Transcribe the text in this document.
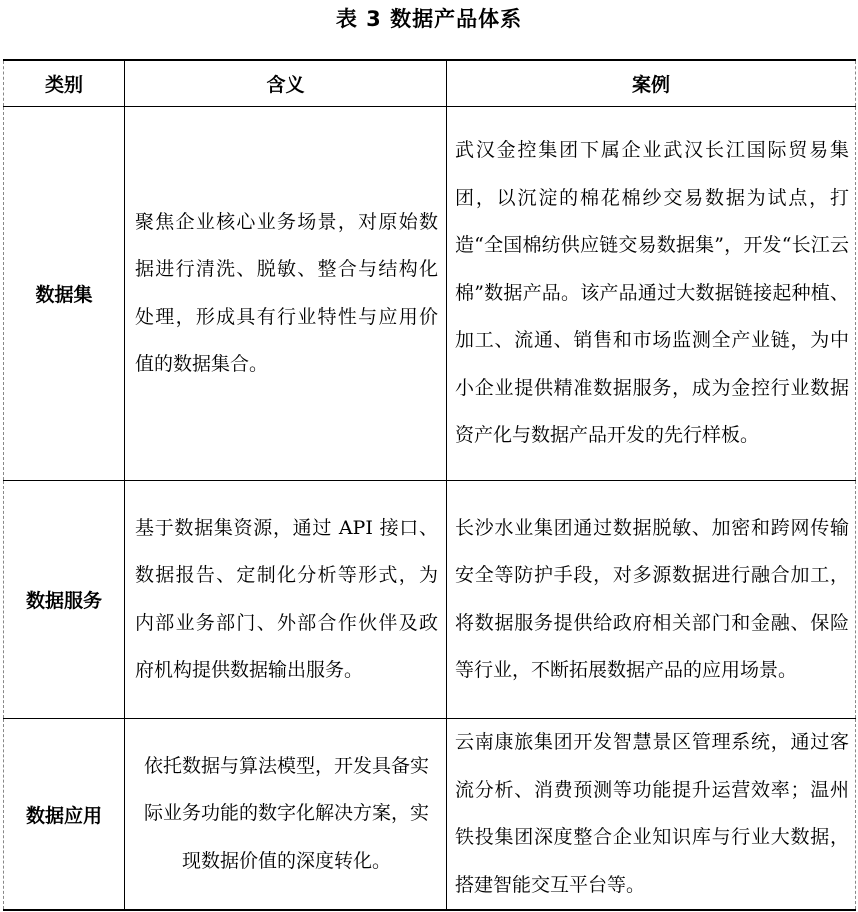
表 3 数据产品体系
类别	含义	案例
数据集	聚焦企业核心业务场景，对原始数据进行清洗、脱敏、整合与结构化处理，形成具有行业特性与应用价值的数据集合。	武汉金控集团下属企业武汉长江国际贸易集团，以沉淀的棉花棉纱交易数据为试点，打造“全国棉纺供应链交易数据集”，开发“长江云棉”数据产品。该产品通过大数据链接起种植、加工、流通、销售和市场监测全产业链，为中小企业提供精准数据服务，成为金控行业数据资产化与数据产品开发的先行样板。
数据服务	基于数据集资源，通过 API 接口、数据报告、定制化分析等形式，为内部业务部门、外部合作伙伴及政府机构提供数据输出服务。	长沙水业集团通过数据脱敏、加密和跨网传输安全等防护手段，对多源数据进行融合加工，将数据服务提供给政府相关部门和金融、保险等行业，不断拓展数据产品的应用场景。
数据应用	依托数据与算法模型，开发具备实际业务功能的数字化解决方案，实现数据价值的深度转化。	云南康旅集团开发智慧景区管理系统，通过客流分析、消费预测等功能提升运营效率；温州铁投集团深度整合企业知识库与行业大数据，搭建智能交互平台等。
